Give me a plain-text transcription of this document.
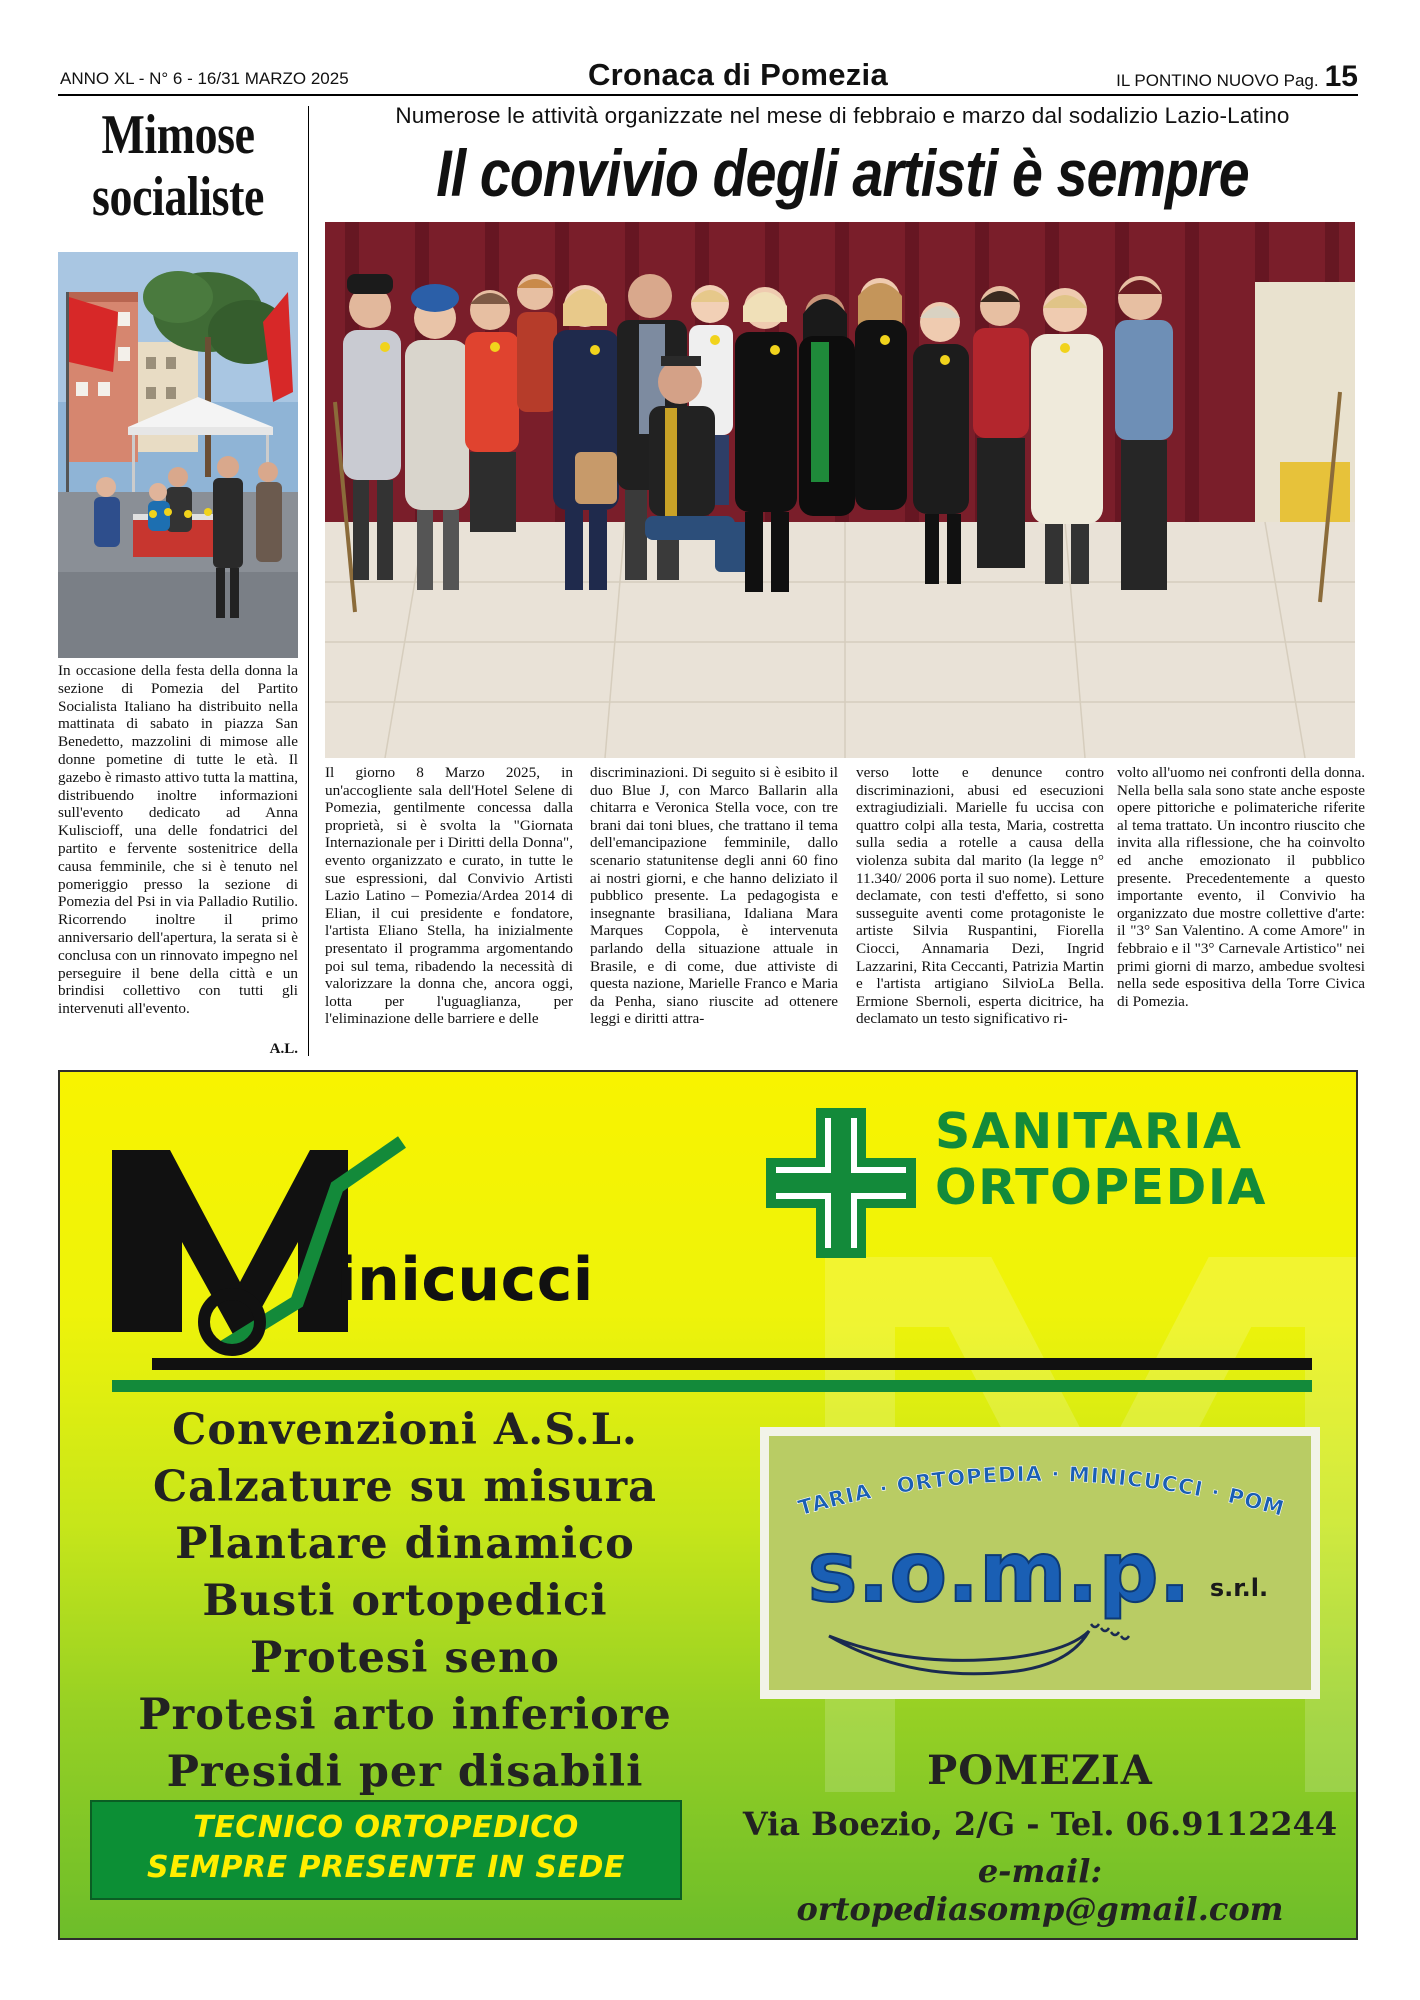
ANNO XL - N° 6 - 16/31 MARZO 2025	Cronaca di Pomezia	IL PONTINO NUOVO Pag. 15
Mimose
socialiste
In occasione della festa della donna la sezione di Pomezia del Partito Socialista Italiano ha distribuito nella mattinata di sabato in piazza San Benedetto, mazzolini di mimose alle donne pometine di tutte le età. Il gazebo è rimasto attivo tutta la mattina, distribuendo inoltre informazioni sull'evento dedicato ad Anna Kuliscioff, una delle fondatrici del partito e fervente sostenitrice della causa femminile, che si è tenuto nel pomeriggio presso la sezione di Pomezia del Psi in via Palladio Rutilio. Ricorrendo inoltre il primo anniversario dell'apertura, la serata si è conclusa con un rinnovato impegno nel perseguire il bene della città e un brindisi collettivo con tutti gli intervenuti all'evento.
A.L.
Numerose le attività organizzate nel mese di febbraio e marzo dal sodalizio Lazio-Latino
Il convivio degli artisti è sempre
Il giorno 8 Marzo 2025, in un'accogliente sala dell'Hotel Selene di Pomezia, gentilmente concessa dalla proprietà, si è svolta la "Giornata Internazionale per i Diritti della Donna", evento organizzato e curato, in tutte le sue espressioni, dal Convivio Artisti Lazio Latino – Pomezia/Ardea 2014 di Elian, il cui presidente e fondatore, l'artista Eliano Stella, ha inizialmente presentato il programma argomentando poi sul tema, ribadendo la necessità di valorizzare la donna che, ancora oggi, lotta per l'uguaglianza, per l'eliminazione delle barriere e delle
discriminazioni. Di seguito si è esibito il duo Blue J, con Marco Ballarin alla chitarra e Veronica Stella voce, con tre brani dai toni blues, che trattano il tema dell'emancipazione femminile, dallo scenario statunitense degli anni 60 fino ai nostri giorni, e che hanno deliziato il pubblico presente. La pedagogista e insegnante brasiliana, Idaliana Mara Marques Coppola, è intervenuta parlando della situazione attuale in Brasile, e di come, due attiviste di questa nazione, Marielle Franco e Maria da Penha, siano riuscite ad ottenere leggi e diritti attra-
verso lotte e denunce contro discriminazioni, abusi ed esecuzioni extragiudiziali. Marielle fu uccisa con quattro colpi alla testa, Maria, costretta sulla sedia a rotelle a causa della violenza subita dal marito (la legge n° 11.340/ 2006 porta il suo nome). Letture declamate, con testi d'effetto, si sono susseguite aventi come protagoniste le artiste Silvia Ruspantini, Fiorella Ciocci, Annamaria Dezi, Ingrid Lazzarini, Rita Ceccanti, Patrizia Martin e l'artista artigiano SilvioLa Bella. Ermione Sbernoli, esperta dicitrice, ha declamato un testo significativo ri-
volto all'uomo nei confronti della donna. Nella bella sala sono state anche esposte opere pittoriche e polimateriche riferite al tema trattato. Un incontro riuscito che invita alla riflessione, che ha coinvolto ed anche emozionato il pubblico presente. Precedentemente a questo importante evento, il Convivio ha organizzato due mostre collettive d'arte: il "3° San Valentino. A come Amore" in febbraio e il "3° Carnevale Artistico" nei primi giorni di marzo, ambedue svoltesi nella sede espositiva della Torre Civica di Pomezia.
SANITARIA
ORTOPEDIA
inicucci
Convenzioni A.S.L.
Calzature su misura
Plantare dinamico
Busti ortopedici
Protesi seno
Protesi arto inferiore
Presidi per disabili
TECNICO ORTOPEDICO
SEMPRE PRESENTE IN SEDE
TARIA · ORTOPEDIA · MINICUCCI · POM
s.o.m.p. s.r.l.
POMEZIA
Via Boezio, 2/G - Tel. 06.9112244
e-mail: ortopediasomp@gmail.com
